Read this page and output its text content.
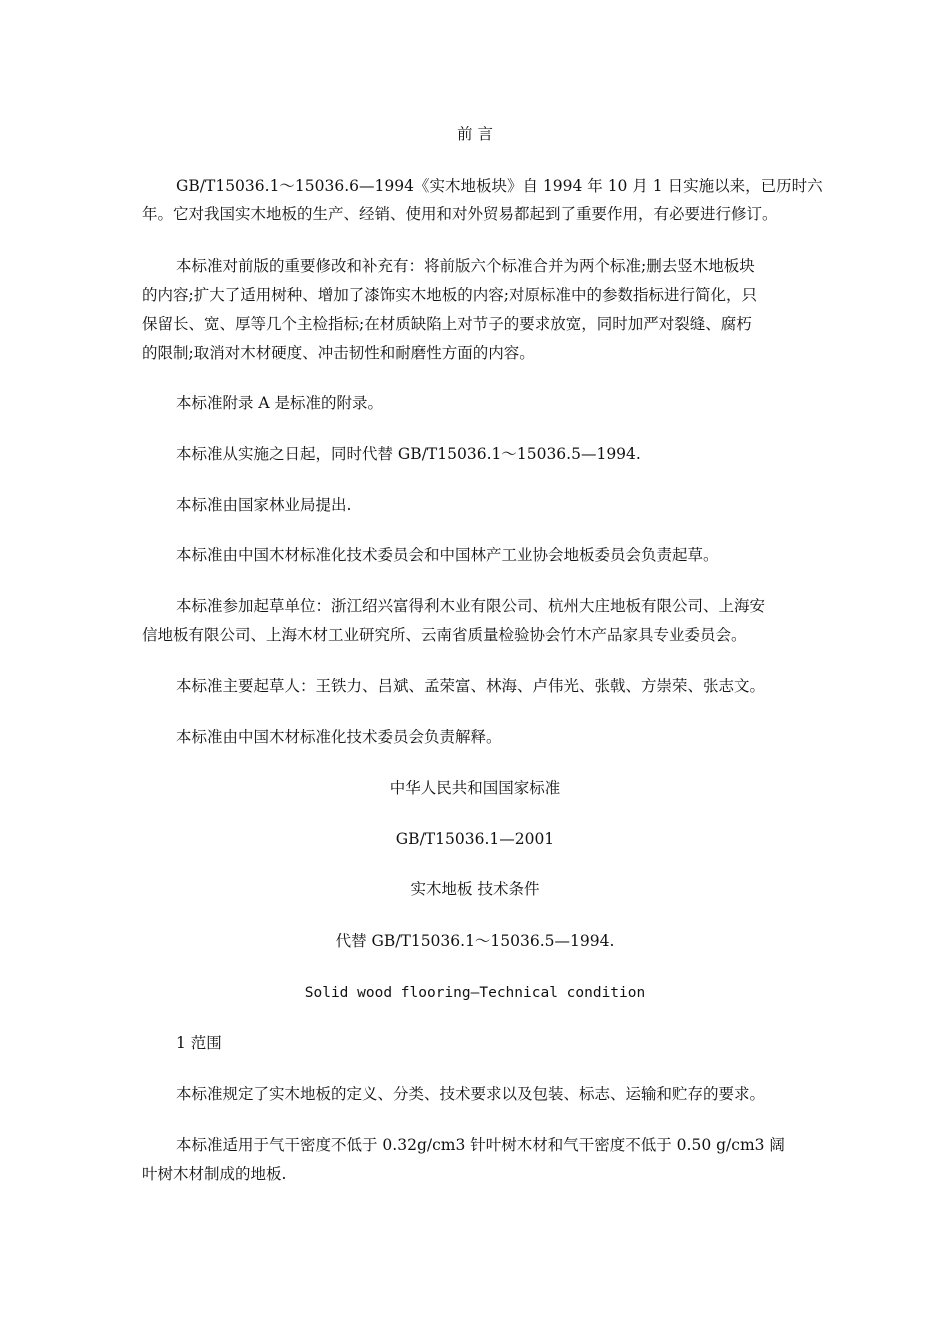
前 言
GB/T15036.1～15036.6—1994《实木地板块》自 1994 年 10 月 1 日实施以来，已历时六
年。它对我国实木地板的生产、经销、使用和对外贸易都起到了重要作用，有必要进行修订。
本标准对前版的重要修改和补充有：将前版六个标准合并为两个标准;删去竖木地板块
的内容;扩大了适用树种、增加了漆饰实木地板的内容;对原标准中的参数指标进行简化，只
保留长、宽、厚等几个主检指标;在材质缺陷上对节子的要求放宽，同时加严对裂缝、腐朽
的限制;取消对木材硬度、冲击韧性和耐磨性方面的内容。
本标准附录 A 是标准的附录。
本标准从实施之日起，同时代替 GB/T15036.1～15036.5—1994.
本标准由国家林业局提出.
本标准由中国木材标准化技术委员会和中国林产工业协会地板委员会负责起草。
本标准参加起草单位：浙江绍兴富得利木业有限公司、杭州大庄地板有限公司、上海安
信地板有限公司、上海木材工业研究所、云南省质量检验协会竹木产品家具专业委员会。
本标准主要起草人：王铁力、吕斌、孟荣富、林海、卢伟光、张戟、方崇荣、张志文。
本标准由中国木材标准化技术委员会负责解释。
中华人民共和国国家标准
GB/T15036.1—2001
实木地板 技术条件
代替 GB/T15036.1～15036.5—1994.
Solid wood flooring—Technical condition
1 范围
本标准规定了实木地板的定义、分类、技术要求以及包装、标志、运输和贮存的要求。
本标准适用于气干密度不低于 0.32g/cm3 针叶树木材和气干密度不低于 0.50 g/cm3 阔
叶树木材制成的地板.
